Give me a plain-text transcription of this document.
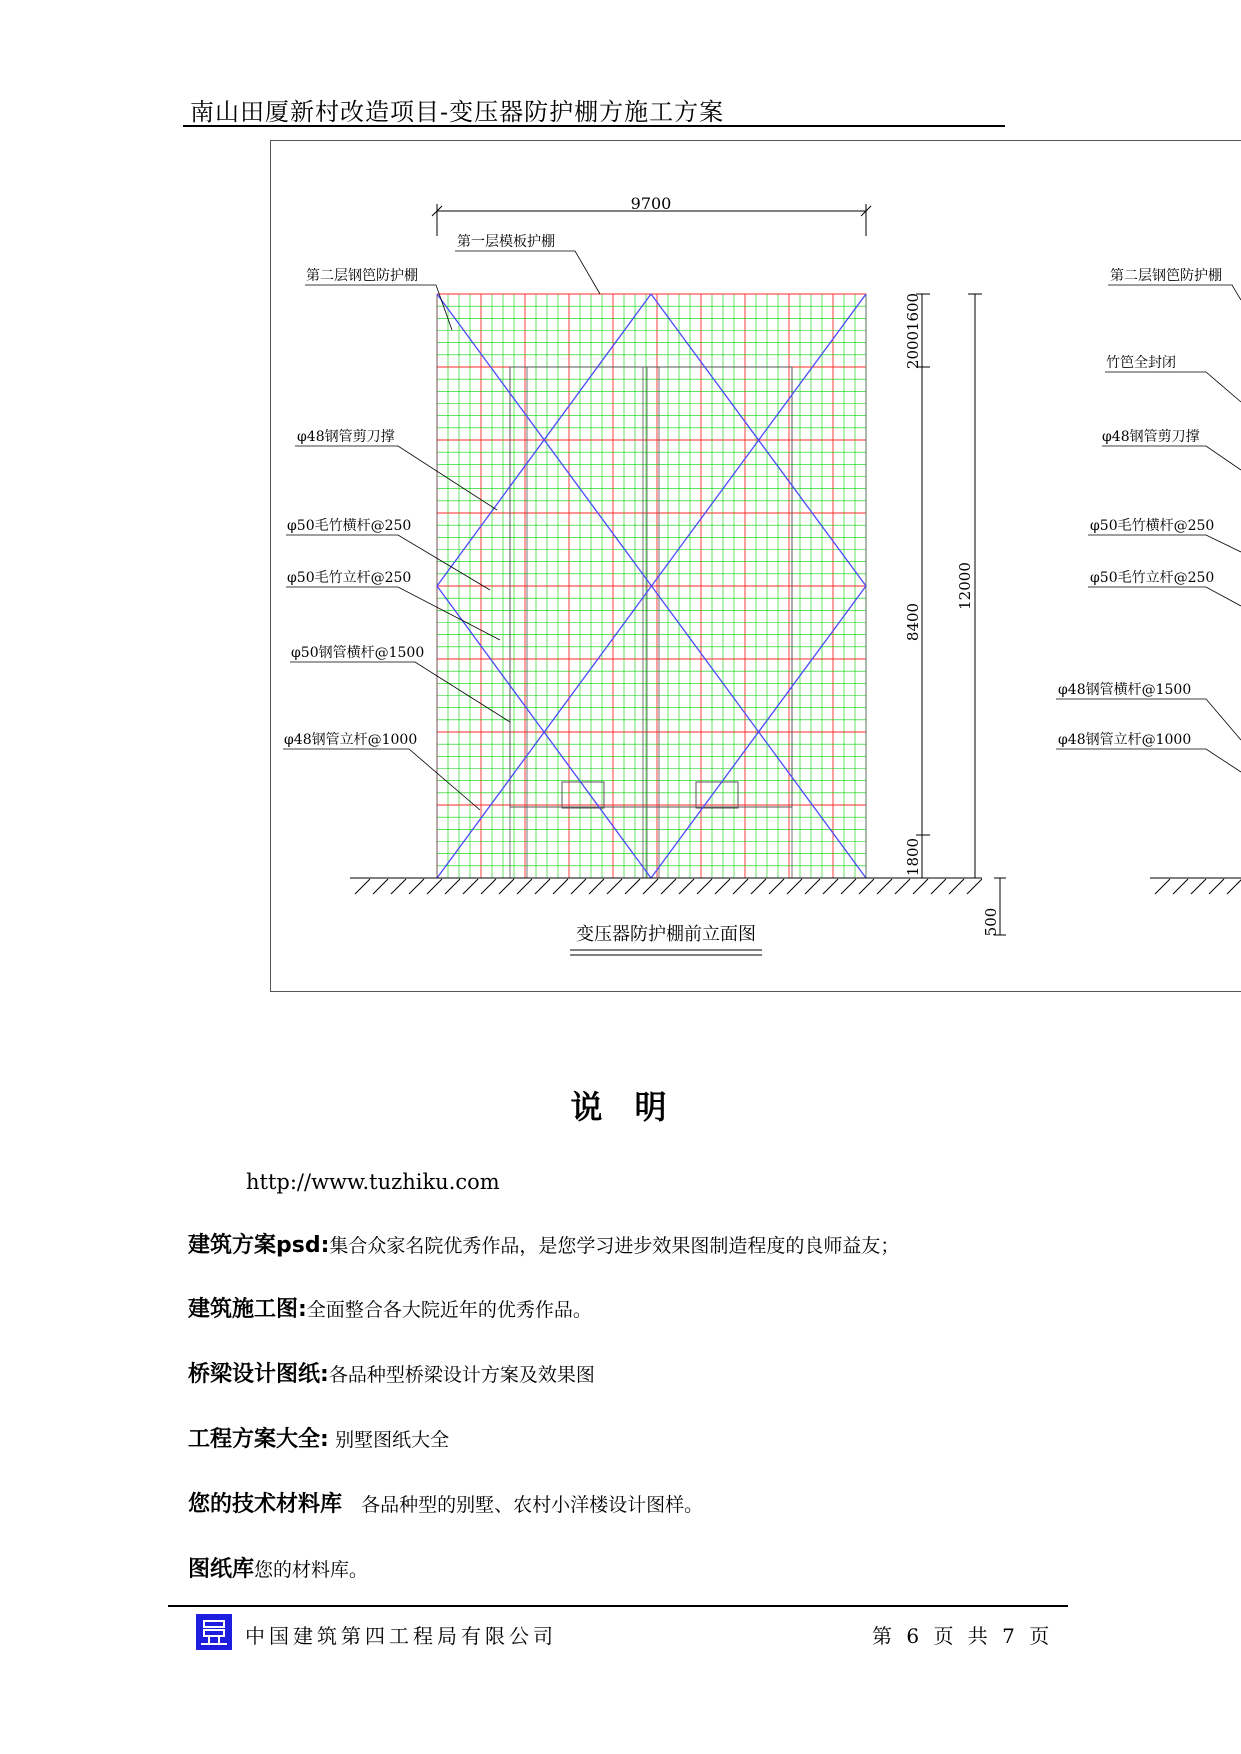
南山田厦新村改造项目-变压器防护棚方施工方案
9700
1600
2000
8400
1800
12000
500
第一层模板护棚
第二层钢笆防护棚
φ48钢管剪刀撑
φ50毛竹横杆@250
φ50毛竹立杆@250
φ50钢管横杆@1500
φ48钢管立杆@1000
第二层钢笆防护棚
竹笆全封闭
φ48钢管剪刀撑
φ50毛竹横杆@250
φ50毛竹立杆@250
φ48钢管横杆@1500
φ48钢管立杆@1000
变压器防护棚前立面图
说 明
http://www.tuzhiku.com
建筑方案psd:集合众家名院优秀作品，是您学习进步效果图制造程度的良师益友；
建筑施工图:全面整合各大院近年的优秀作品。
桥梁设计图纸:各品种型桥梁设计方案及效果图
工程方案大全: 别墅图纸大全
您的技术材料库 各品种型的别墅、农村小洋楼设计图样。
图纸库您的材料库。
中国建筑第四工程局有限公司	第 6 页 共 7 页
